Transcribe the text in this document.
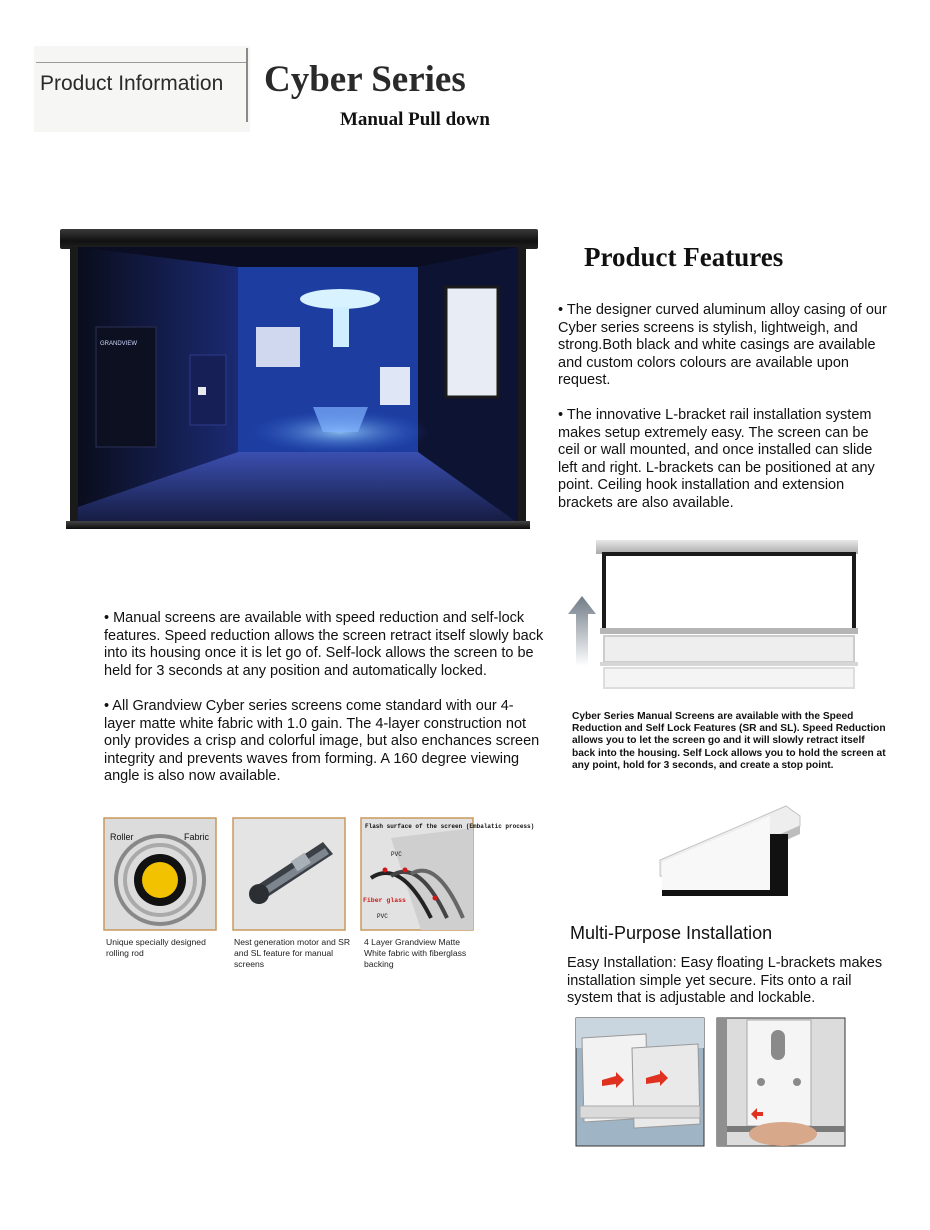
Product Information Cyber Series
Manual Pull down
GRANDVIEW
Product Features
• The designer curved aluminum alloy casing of our Cyber series screens is stylish, lightweigh, and strong.Both black and white casings are available and custom colors colours are available upon request.
• The innovative L-bracket rail installation system makes setup extremely easy. The screen can be ceil or wall mounted, and once installed can slide left and right. L-brackets can be positioned at any point. Ceiling hook installation and extension brackets are also available.
Cyber Series Manual Screens are available with the Speed Reduction and Self Lock Features (SR and SL). Speed Reduction allows you to let the screen go and it will slowly retract itself back into the housing. Self Lock allows you to hold the screen at any point, hold for 3 seconds, and create a stop point.
• Manual screens are available with speed reduction and self-lock features. Speed reduction allows the screen retract itself slowly back into its housing once it is let go of. Self-lock allows the screen to be held for 3 seconds at any position and automatically locked.
• All Grandview Cyber series screens come standard with our 4-layer matte white fabric with 1.0 gain. The 4-layer construction not only provides a crisp and colorful image, but also enchances screen integrity and prevents waves from forming. A 160 degree viewing angle is also now available.
Roller	Fabric
Unique specially designed rolling rod
Nest generation motor and SR and SL feature for manual screens
Flash surface of the screen (Embalatic process)
PVC
Fiber glass
PVC
4 Layer Grandview Matte White fabric with fiberglass backing
Multi-Purpose Installation
Easy Installation: Easy floating L-brackets makes installation simple yet secure. Fits onto a rail system that is adjustable and lockable.
